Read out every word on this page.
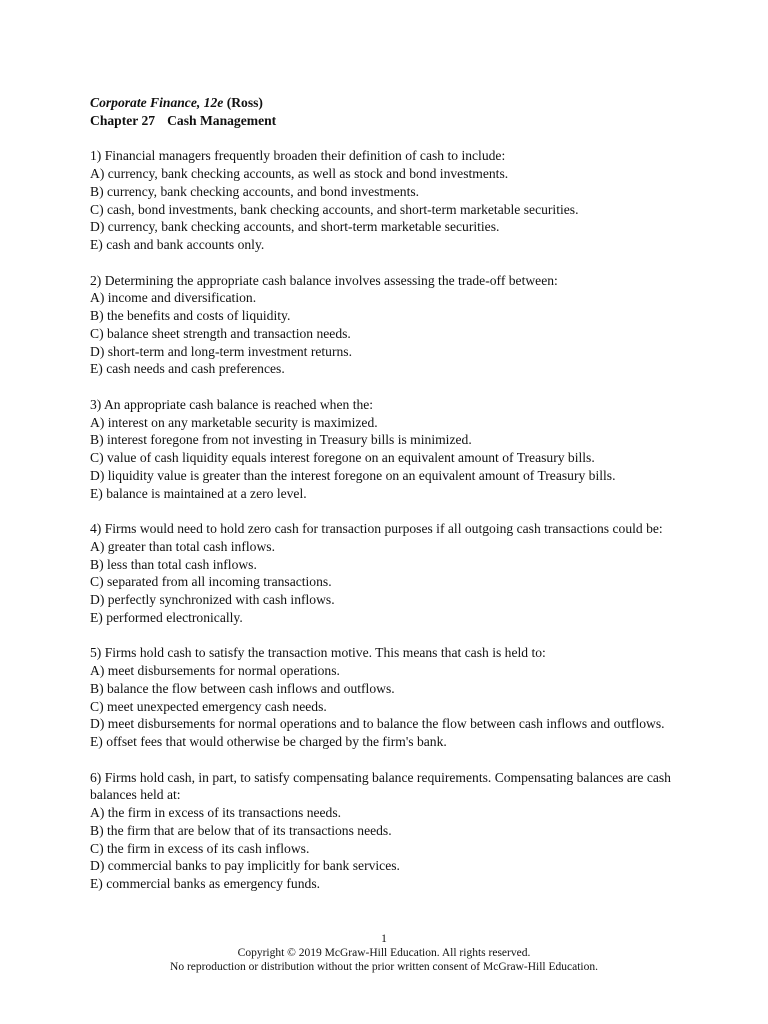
Corporate Finance, 12e (Ross)
Chapter 27 Cash Management
1) Financial managers frequently broaden their definition of cash to include:
A) currency, bank checking accounts, as well as stock and bond investments.
B) currency, bank checking accounts, and bond investments.
C) cash, bond investments, bank checking accounts, and short-term marketable securities.
D) currency, bank checking accounts, and short-term marketable securities.
E) cash and bank accounts only.
2) Determining the appropriate cash balance involves assessing the trade-off between:
A) income and diversification.
B) the benefits and costs of liquidity.
C) balance sheet strength and transaction needs.
D) short-term and long-term investment returns.
E) cash needs and cash preferences.
3) An appropriate cash balance is reached when the:
A) interest on any marketable security is maximized.
B) interest foregone from not investing in Treasury bills is minimized.
C) value of cash liquidity equals interest foregone on an equivalent amount of Treasury bills.
D) liquidity value is greater than the interest foregone on an equivalent amount of Treasury bills.
E) balance is maintained at a zero level.
4) Firms would need to hold zero cash for transaction purposes if all outgoing cash transactions could be:
A) greater than total cash inflows.
B) less than total cash inflows.
C) separated from all incoming transactions.
D) perfectly synchronized with cash inflows.
E) performed electronically.
5) Firms hold cash to satisfy the transaction motive. This means that cash is held to:
A) meet disbursements for normal operations.
B) balance the flow between cash inflows and outflows.
C) meet unexpected emergency cash needs.
D) meet disbursements for normal operations and to balance the flow between cash inflows and outflows.
E) offset fees that would otherwise be charged by the firm's bank.
6) Firms hold cash, in part, to satisfy compensating balance requirements. Compensating balances are cash balances held at:
A) the firm in excess of its transactions needs.
B) the firm that are below that of its transactions needs.
C) the firm in excess of its cash inflows.
D) commercial banks to pay implicitly for bank services.
E) commercial banks as emergency funds.
1
Copyright © 2019 McGraw-Hill Education. All rights reserved.
No reproduction or distribution without the prior written consent of McGraw-Hill Education.
